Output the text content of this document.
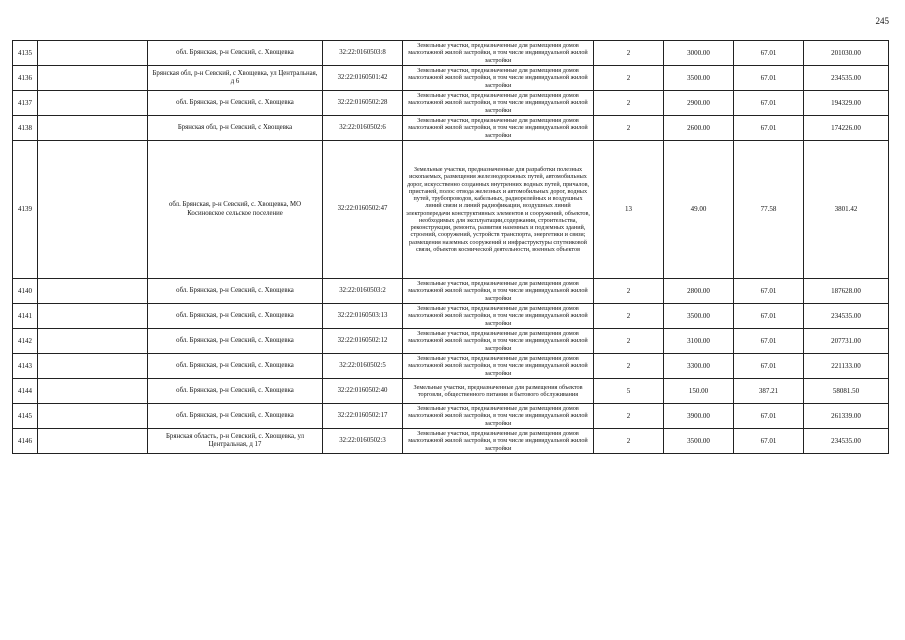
245
4135		обл. Брянская, р-н Севский, с. Хвощевка	32:22:0160503:8	Земельные участки, предназначенные для размещения домов малоэтажной жилой застройки, в том числе индивидуальной жилой застройки	2	3000.00	67.01	201030.00
4136		Брянская обл, р-н Севский, с Хвощевка, ул Центральная, д 6	32:22:0160501:42	Земельные участки, предназначенные для размещения домов малоэтажной жилой застройки, в том числе индивидуальной жилой застройки	2	3500.00	67.01	234535.00
4137		обл. Брянская, р-н Севский, с. Хвощевка	32:22:0160502:28	Земельные участки, предназначенные для размещения домов малоэтажной жилой застройки, в том числе индивидуальной жилой застройки	2	2900.00	67.01	194329.00
4138		Брянская обл, р-н Севский, с Хвощевка	32:22:0160502:6	Земельные участки, предназначенные для размещения домов малоэтажной жилой застройки, в том числе индивидуальной жилой застройки	2	2600.00	67.01	174226.00
4139		обл. Брянская, р-н Севский, с. Хвощевка, МО Косиновское сельское поселение	32:22:0160502:47	Земельные участки, предназначенные для разработки полезных ископаемых, размещения железнодорожных путей, автомобильных дорог, искусственно созданных внутренних водных путей, причалов, пристаней, полос отвода железных и автомобильных дорог, водных путей, трубопроводов, кабельных, радиорелейных и воздушных линий связи и линий радиофикации, воздушных линий электропередачи конструктивных элементов и сооружений, объектов, необходимых для эксплуатации,содержания, строительства, реконструкции, ремонта, развития наземных и подземных зданий, строений, сооружений, устройств транспорта, энергетики и связи; размещения наземных сооружений и инфраструктуры спутниковой связи, объектов космической деятельности, военных объектов	13	49.00	77.58	3801.42
4140		обл. Брянская, р-н Севский, с. Хвощевка	32:22:0160503:2	Земельные участки, предназначенные для размещения домов малоэтажной жилой застройки, в том числе индивидуальной жилой застройки	2	2800.00	67.01	187628.00
4141		обл. Брянская, р-н Севский, с. Хвощевка	32:22:0160503:13	Земельные участки, предназначенные для размещения домов малоэтажной жилой застройки, в том числе индивидуальной жилой застройки	2	3500.00	67.01	234535.00
4142		обл. Брянская, р-н Севский, с. Хвощевка	32:22:0160502:12	Земельные участки, предназначенные для размещения домов малоэтажной жилой застройки, в том числе индивидуальной жилой застройки	2	3100.00	67.01	207731.00
4143		обл. Брянская, р-н Севский, с. Хвощевка	32:22:0160502:5	Земельные участки, предназначенные для размещения домов малоэтажной жилой застройки, в том числе индивидуальной жилой застройки	2	3300.00	67.01	221133.00
4144		обл. Брянская, р-н Севский, с. Хвощевка	32:22:0160502:40	Земельные участки, предназначенные для размещения объектов торговли, общественного питания и бытового обслуживания	5	150.00	387.21	58081.50
4145		обл. Брянская, р-н Севский, с. Хвощевка	32:22:0160502:17	Земельные участки, предназначенные для размещения домов малоэтажной жилой застройки, в том числе индивидуальной жилой застройки	2	3900.00	67.01	261339.00
4146		Брянская область, р-н Севский, с. Хвощевка, ул Центральная, д 17	32:22:0160502:3	Земельные участки, предназначенные для размещения домов малоэтажной жилой застройки, в том числе индивидуальной жилой застройки	2	3500.00	67.01	234535.00
